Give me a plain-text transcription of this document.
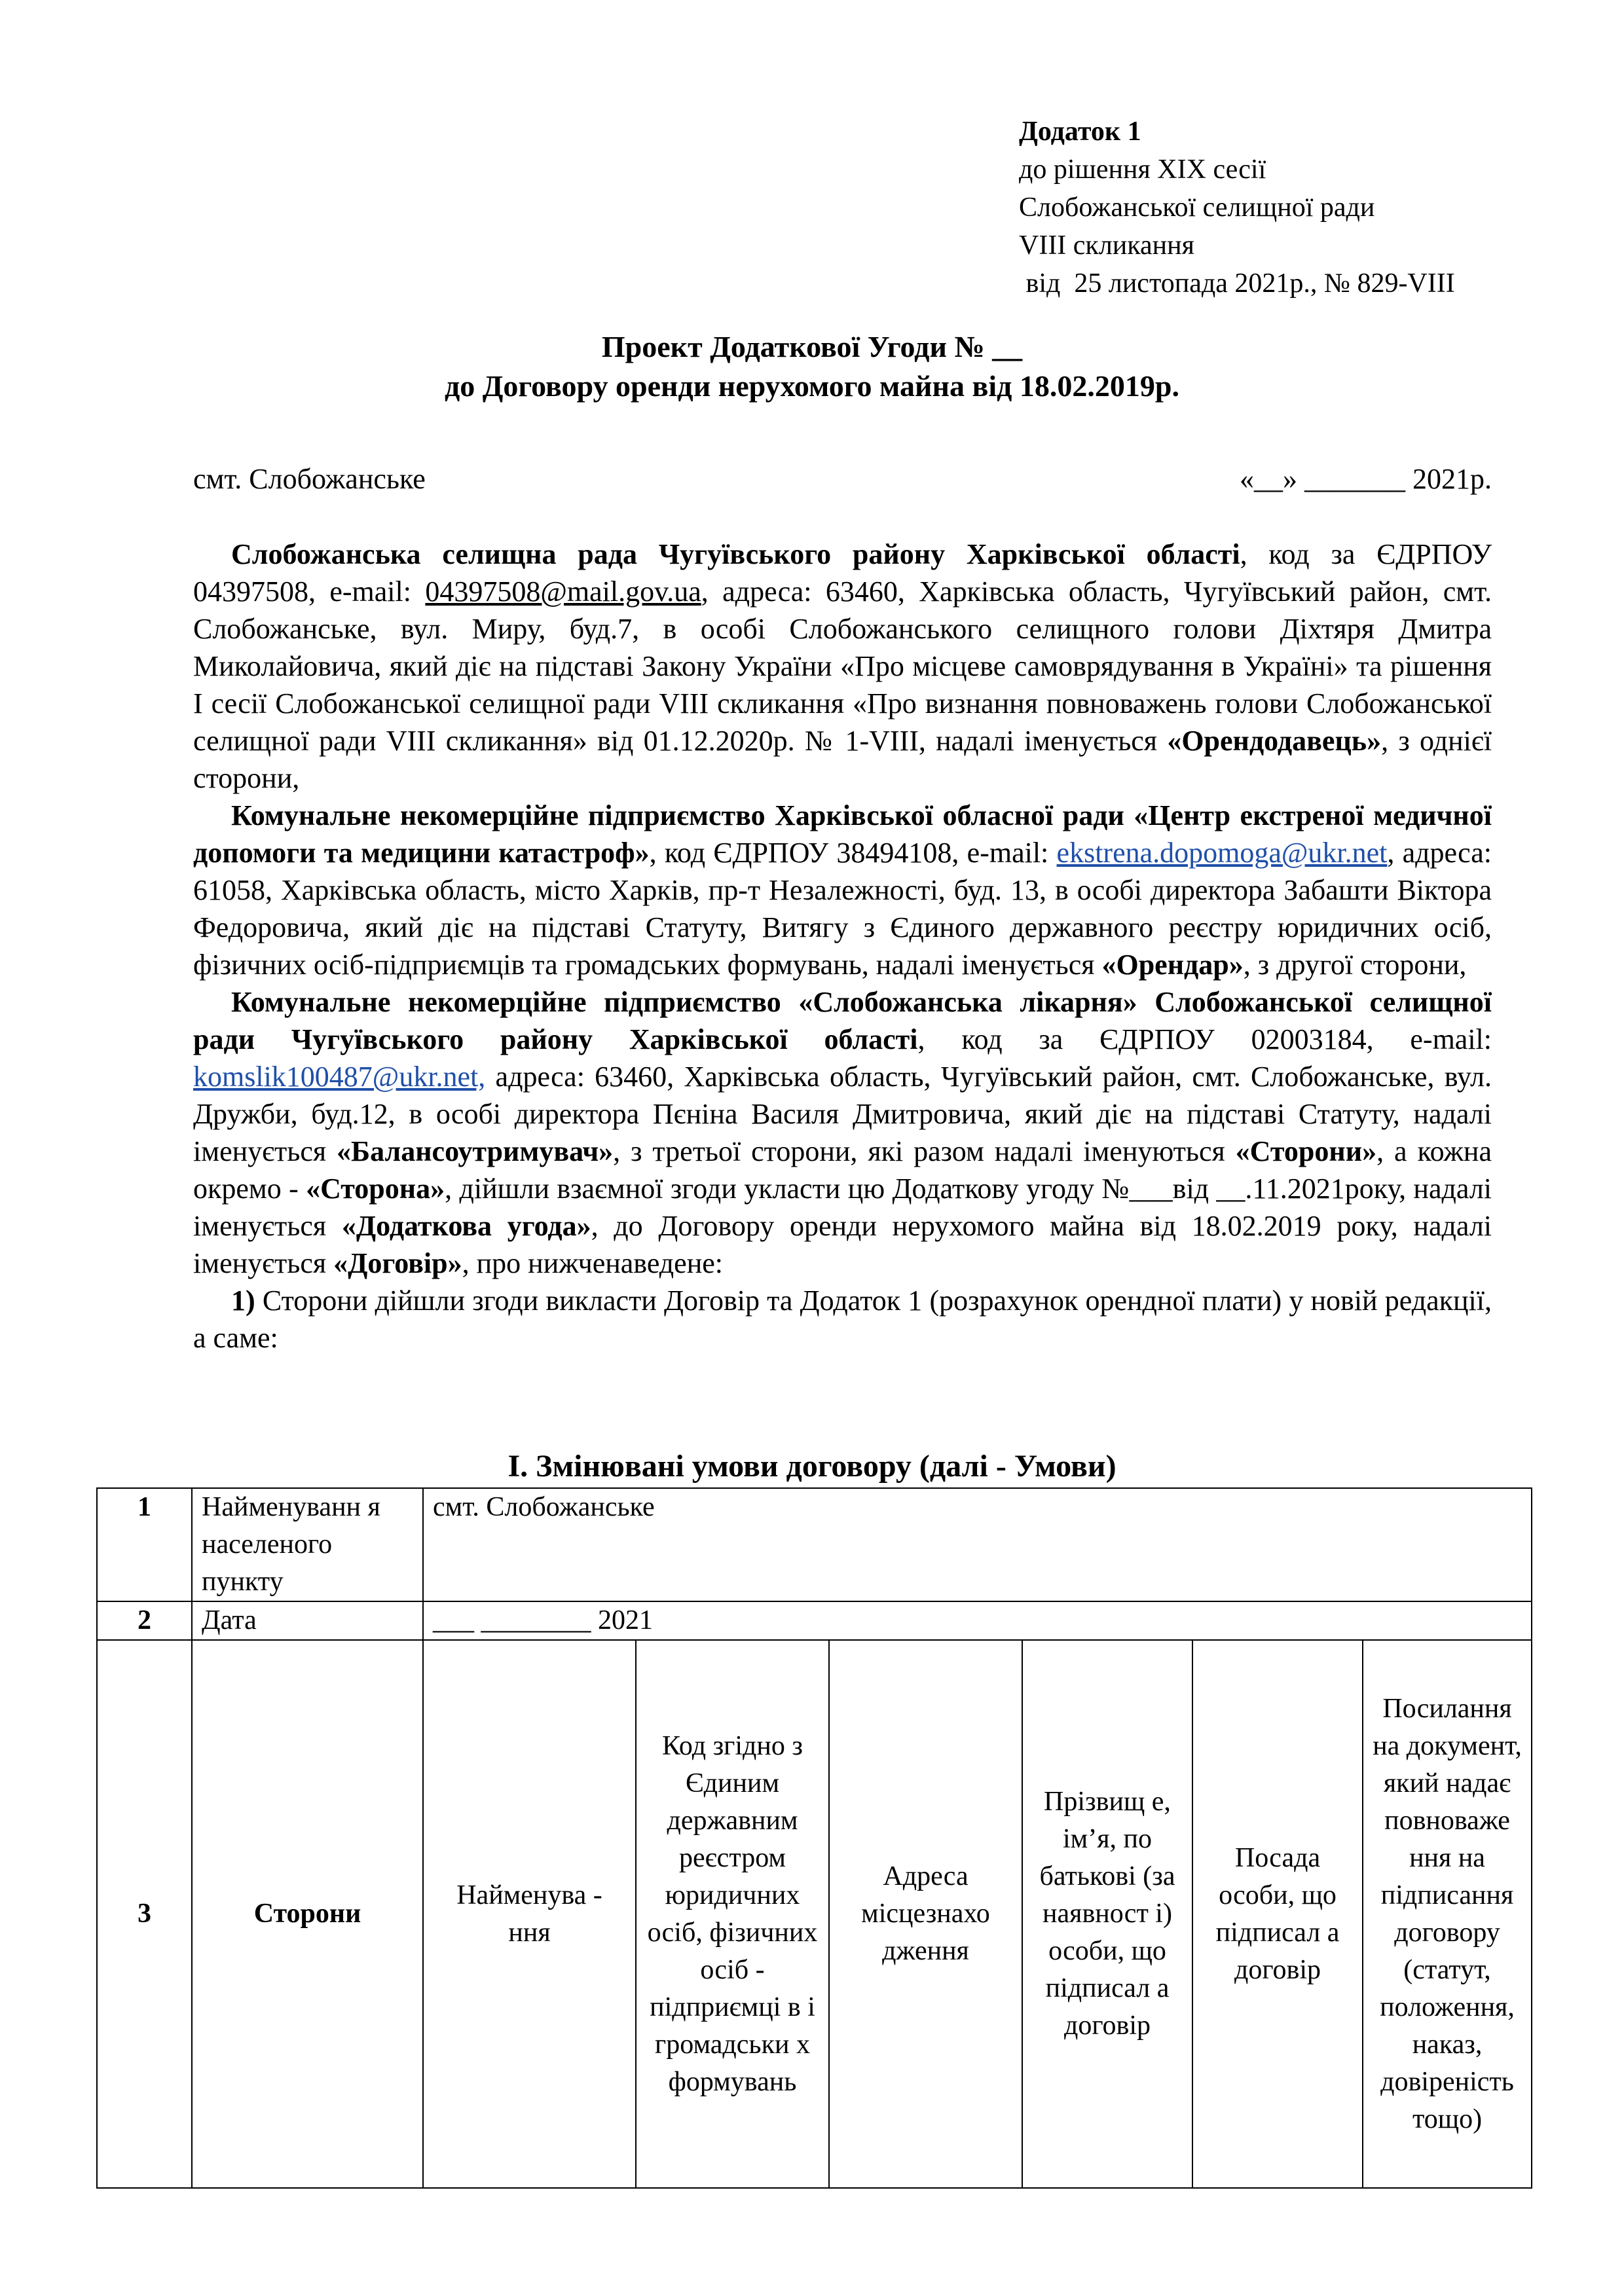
Додаток 1
до рішення ХІХ сесії
Слобожанської селищної ради
VIII скликання
від  25 листопада 2021р., № 829-VIII
Проект Додаткової Угоди № __
до Договору оренди нерухомого майна від 18.02.2019р.
смт. Слобожанське	«__» _______ 2021р.

Слобожанська селищна рада Чугуївського району Харківської області, код за ЄДРПОУ 04397508, e-mail: 04397508@mail.gov.ua, адреса: 63460, Харківська область, Чугуївський район, смт. Слобожанське, вул. Миру, буд.7, в особі Слобожанського селищного голови Діхтяря Дмитра Миколайовича, який діє на підставі Закону України «Про місцеве самоврядування в Україні» та рішення І сесії Слобожанської селищної ради VIII скликання «Про визнання повноважень голови Слобожанської селищної ради VIII скликання» від 01.12.2020р. № 1-VIII, надалі іменується «Орендодавець», з однієї сторони,

Комунальне некомерційне підприємство Харківської обласної ради «Центр екстреної медичної допомоги та медицини катастроф», код ЄДРПОУ 38494108, e-mail: ekstrena.dopomoga@ukr.net, адреса: 61058, Харківська область, місто Харків, пр-т Незалежності, буд. 13, в особі директора Забашти Віктора Федоровича, який діє на підставі Статуту, Витягу з Єдиного державного реєстру юридичних осіб, фізичних осіб-підприємців та громадських формувань, надалі іменується «Орендар», з другої сторони,

Комунальне некомерційне підприємство «Слобожанська лікарня» Слобожанської селищної ради Чугуївського району Харківської області, код за ЄДРПОУ 02003184, e-mail: komslik100487@ukr.net, адреса: 63460, Харківська область, Чугуївський район, смт. Слобожанське, вул. Дружби, буд.12, в особі директора Пєніна Василя Дмитровича, який діє на підставі Статуту, надалі іменується «Балансоутримувач», з третьої сторони, які разом надалі іменуються «Сторони», а кожна окремо - «Сторона», дійшли взаємної згоди укласти цю Додаткову угоду №___від __.11.2021року, надалі іменується «Додаткова угода», до Договору оренди нерухомого майна від 18.02.2019 року, надалі іменується «Договір», про нижченаведене:

1) Сторони дійшли згоди викласти Договір та Додаток 1 (розрахунок орендної плати) у новій редакції, а саме:

I. Змінювані умови договору (далі - Умови)
1	Найменуванн я населеного пункту	смт. Слобожанське					
2	Дата	___ ________ 2021					
3	Сторони	Найменува - ння	Код згідно з Єдиним державним реєстром юридичних осіб, фізичних осіб - підприємці в і громадськи х формувань	Адреса місцезнахо дження	Прізвищ е, ім’я, по батькові (за наявност і) особи, що підписал а договір	Посада особи, що підписал а договір	Посилання на документ, який надає повноваже ння на підписання договору (статут, положення, наказ, довіреність тощо)
